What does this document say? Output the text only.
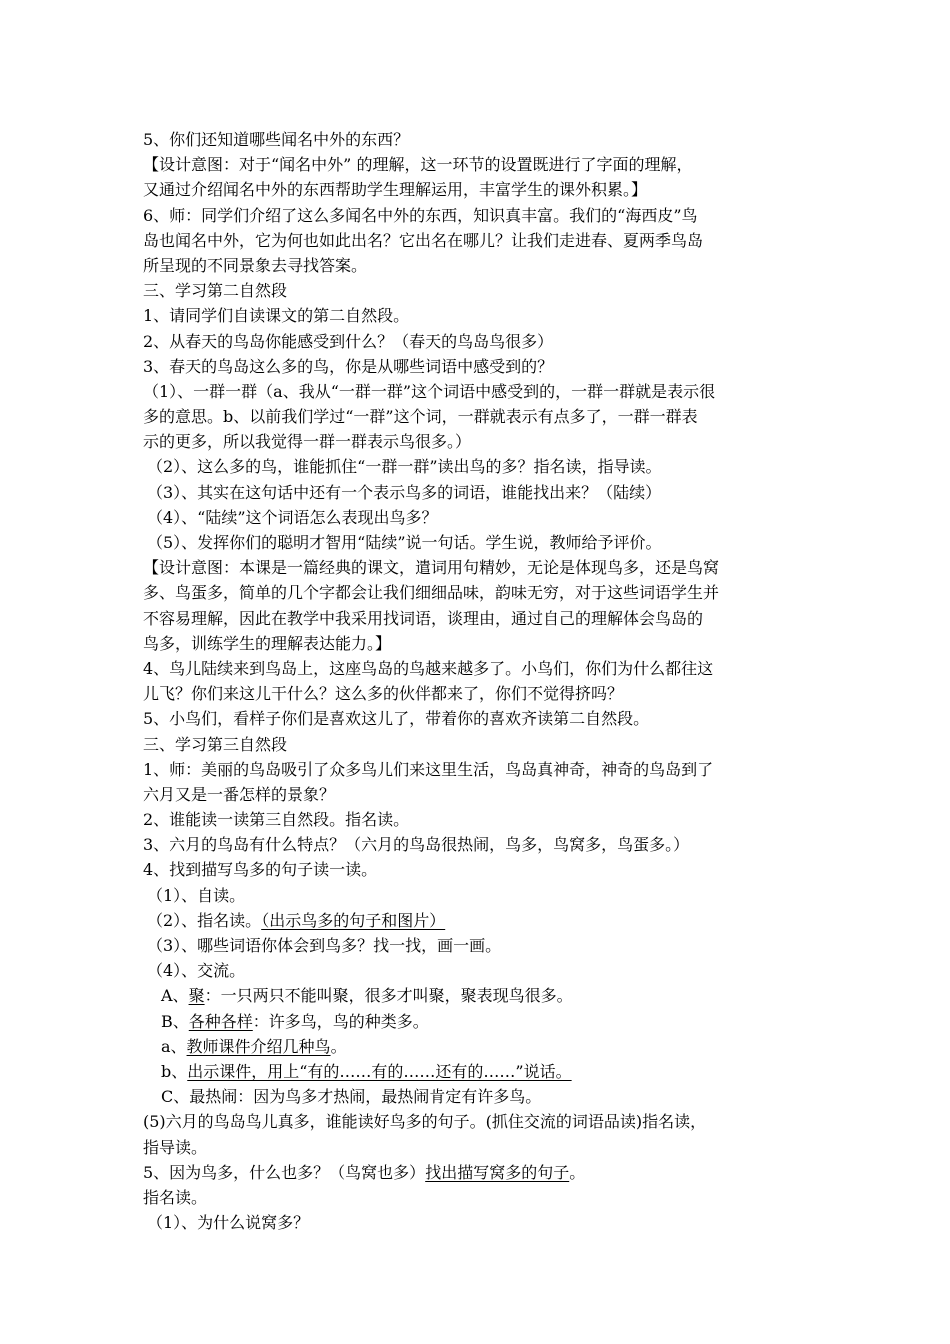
5、你们还知道哪些闻名中外的东西？
【设计意图：对于“闻名中外” 的理解，这一环节的设置既进行了字面的理解，
又通过介绍闻名中外的东西帮助学生理解运用，丰富学生的课外积累。】
6、师：同学们介绍了这么多闻名中外的东西，知识真丰富。我们的“海西皮”鸟
岛也闻名中外，它为何也如此出名？它出名在哪儿？让我们走进春、夏两季鸟岛
所呈现的不同景象去寻找答案。
三、学习第二自然段
1、请同学们自读课文的第二自然段。
2、从春天的鸟岛你能感受到什么？（春天的鸟岛鸟很多）
3、春天的鸟岛这么多的鸟，你是从哪些词语中感受到的？
（1）、一群一群（a、我从“一群一群”这个词语中感受到的，一群一群就是表示很
多的意思。b、以前我们学过“一群”这个词，一群就表示有点多了，一群一群表
示的更多，所以我觉得一群一群表示鸟很多。）
（2）、这么多的鸟，谁能抓住“一群一群”读出鸟的多？指名读，指导读。
（3）、其实在这句话中还有一个表示鸟多的词语，谁能找出来？（陆续）
（4）、“陆续”这个词语怎么表现出鸟多？
（5）、发挥你们的聪明才智用“陆续”说一句话。学生说，教师给予评价。
【设计意图：本课是一篇经典的课文，遣词用句精妙，无论是体现鸟多，还是鸟窝
多、鸟蛋多，简单的几个字都会让我们细细品味，韵味无穷，对于这些词语学生并
不容易理解，因此在教学中我采用找词语，谈理由，通过自己的理解体会鸟岛的
鸟多，训练学生的理解表达能力。】
4、鸟儿陆续来到鸟岛上，这座鸟岛的鸟越来越多了。小鸟们，你们为什么都往这
儿飞？你们来这儿干什么？这么多的伙伴都来了，你们不觉得挤吗？
5、小鸟们，看样子你们是喜欢这儿了，带着你的喜欢齐读第二自然段。
三、学习第三自然段
1、师：美丽的鸟岛吸引了众多鸟儿们来这里生活，鸟岛真神奇，神奇的鸟岛到了
六月又是一番怎样的景象？
2、谁能读一读第三自然段。指名读。
3、六月的鸟岛有什么特点？（六月的鸟岛很热闹，鸟多，鸟窝多，鸟蛋多。）
4、找到描写鸟多的句子读一读。
（1）、自读。
（2）、指名读。（出示鸟多的句子和图片）
（3）、哪些词语你体会到鸟多？找一找，画一画。
（4）、交流。
A、聚：一只两只不能叫聚，很多才叫聚，聚表现鸟很多。
B、各种各样：许多鸟，鸟的种类多。
a、教师课件介绍几种鸟。
b、出示课件，用上“有的……有的……还有的……”说话。
C、最热闹：因为鸟多才热闹，最热闹肯定有许多鸟。
(5)六月的鸟岛鸟儿真多，谁能读好鸟多的句子。(抓住交流的词语品读)指名读，
指导读。
5、因为鸟多，什么也多？（鸟窝也多）找出描写窝多的句子。
指名读。
（1）、为什么说窝多？
